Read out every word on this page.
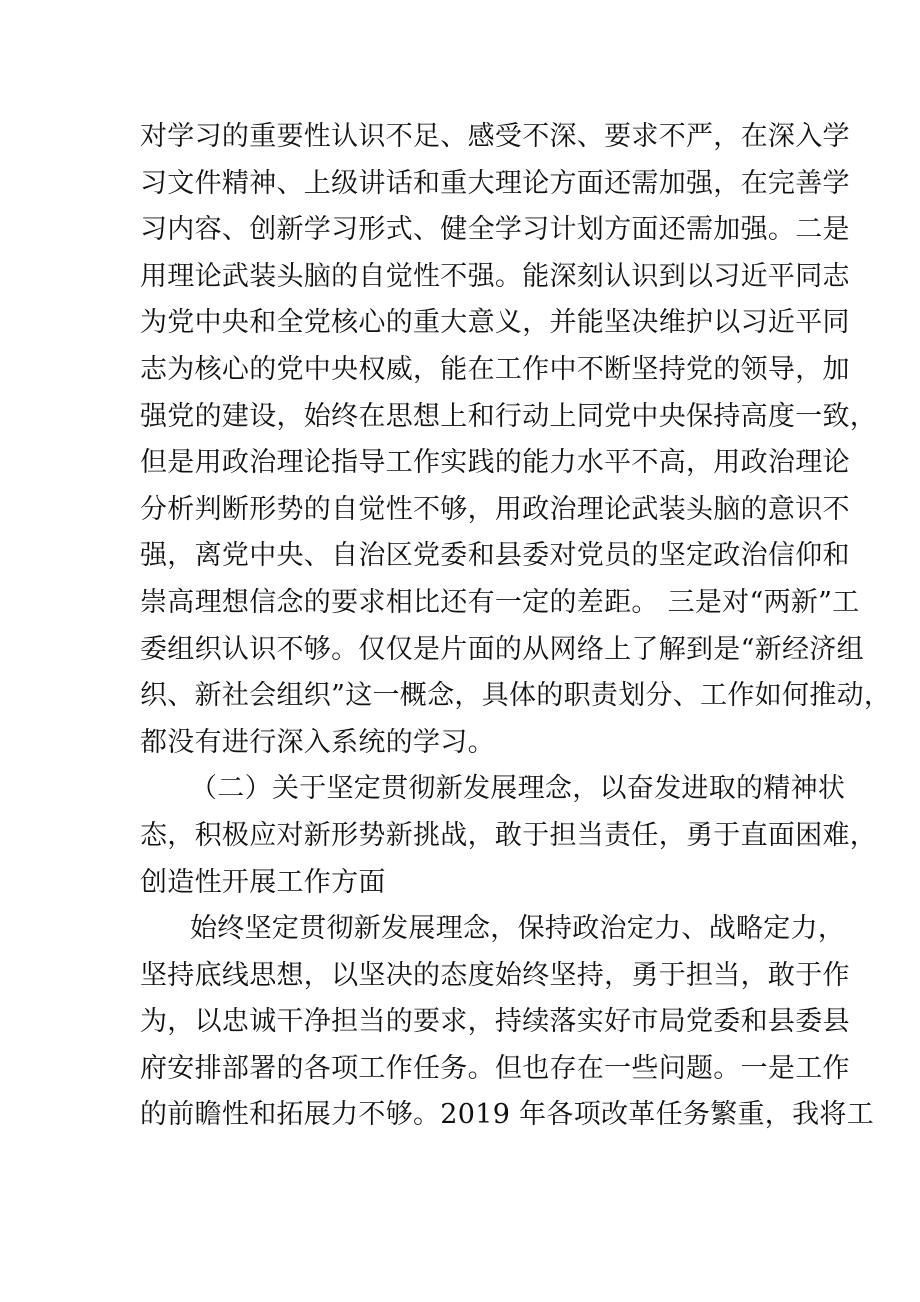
对学习的重要性认识不足、感受不深、要求不严，在深入学
习文件精神、上级讲话和重大理论方面还需加强，在完善学
习内容、创新学习形式、健全学习计划方面还需加强。二是
用理论武装头脑的自觉性不强。能深刻认识到以习近平同志
为党中央和全党核心的重大意义，并能坚决维护以习近平同
志为核心的党中央权威，能在工作中不断坚持党的领导，加
强党的建设，始终在思想上和行动上同党中央保持高度一致，
但是用政治理论指导工作实践的能力水平不高，用政治理论
分析判断形势的自觉性不够，用政治理论武装头脑的意识不
强，离党中央、自治区党委和县委对党员的坚定政治信仰和
崇高理想信念的要求相比还有一定的差距。 三是对“两新”工
委组织认识不够。仅仅是片面的从网络上了解到是“新经济组
织、新社会组织”这一概念，具体的职责划分、工作如何推动，
都没有进行深入系统的学习。
（二）关于坚定贯彻新发展理念，以奋发进取的精神状
态，积极应对新形势新挑战，敢于担当责任，勇于直面困难，
创造性开展工作方面
始终坚定贯彻新发展理念，保持政治定力、战略定力，
坚持底线思想，以坚决的态度始终坚持，勇于担当，敢于作
为，以忠诚干净担当的要求，持续落实好市局党委和县委县
府安排部署的各项工作任务。但也存在一些问题。一是工作
的前瞻性和拓展力不够。2019 年各项改革任务繁重，我将工
